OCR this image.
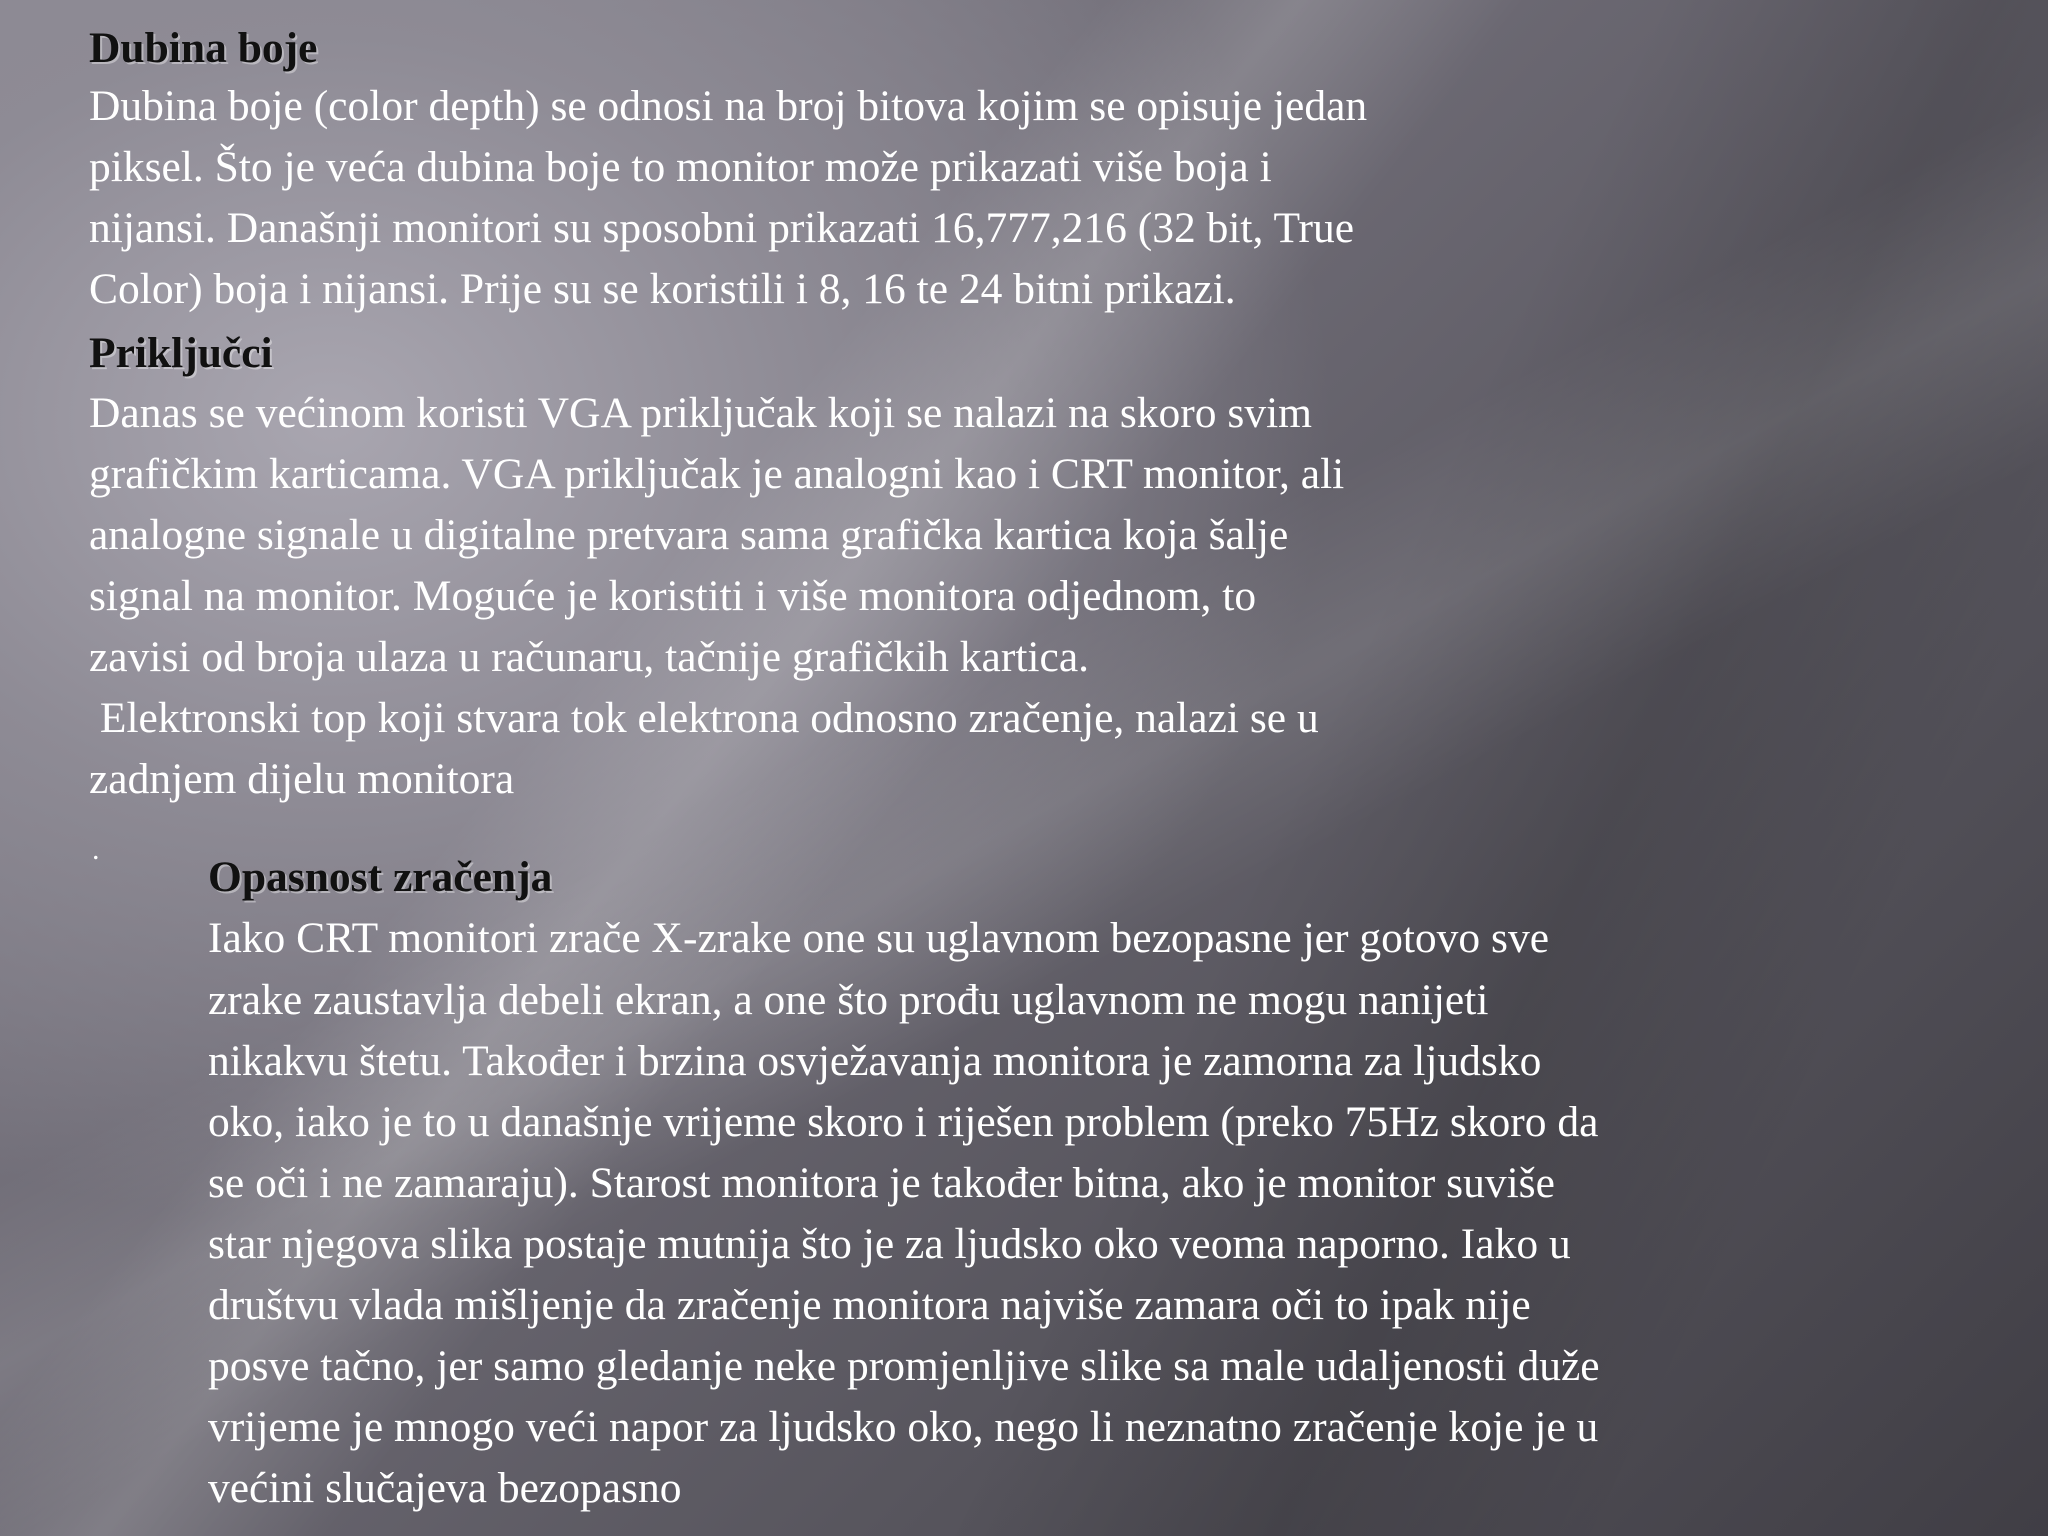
Dubina boje
Dubina boje (color depth) se odnosi na broj bitova kojim se opisuje jedan
piksel. Što je veća dubina boje to monitor može prikazati više boja i
nijansi. Današnji monitori su sposobni prikazati 16,777,216 (32 bit, True
Color) boja i nijansi. Prije su se koristili i 8, 16 te 24 bitni prikazi.
Priključci
Danas se većinom koristi VGA priključak koji se nalazi na skoro svim
grafičkim karticama. VGA priključak je analogni kao i CRT monitor, ali
analogne signale u digitalne pretvara sama grafička kartica koja šalje
signal na monitor. Moguće je koristiti i više monitora odjednom, to
zavisi od broja ulaza u računaru, tačnije grafičkih kartica.
Elektronski top koji stvara tok elektrona odnosno zračenje, nalazi se u
zadnjem dijelu monitora
.
Opasnost zračenja
Iako CRT monitori zrače X-zrake one su uglavnom bezopasne jer gotovo sve
zrake zaustavlja debeli ekran, a one što prođu uglavnom ne mogu nanijeti
nikakvu štetu. Također i brzina osvježavanja monitora je zamorna za ljudsko
oko, iako je to u današnje vrijeme skoro i riješen problem (preko 75Hz skoro da
se oči i ne zamaraju). Starost monitora je također bitna, ako je monitor suviše
star njegova slika postaje mutnija što je za ljudsko oko veoma naporno. Iako u
društvu vlada mišljenje da zračenje monitora najviše zamara oči to ipak nije
posve tačno, jer samo gledanje neke promjenljive slike sa male udaljenosti duže
vrijeme je mnogo veći napor za ljudsko oko, nego li neznatno zračenje koje je u
većini slučajeva bezopasno
